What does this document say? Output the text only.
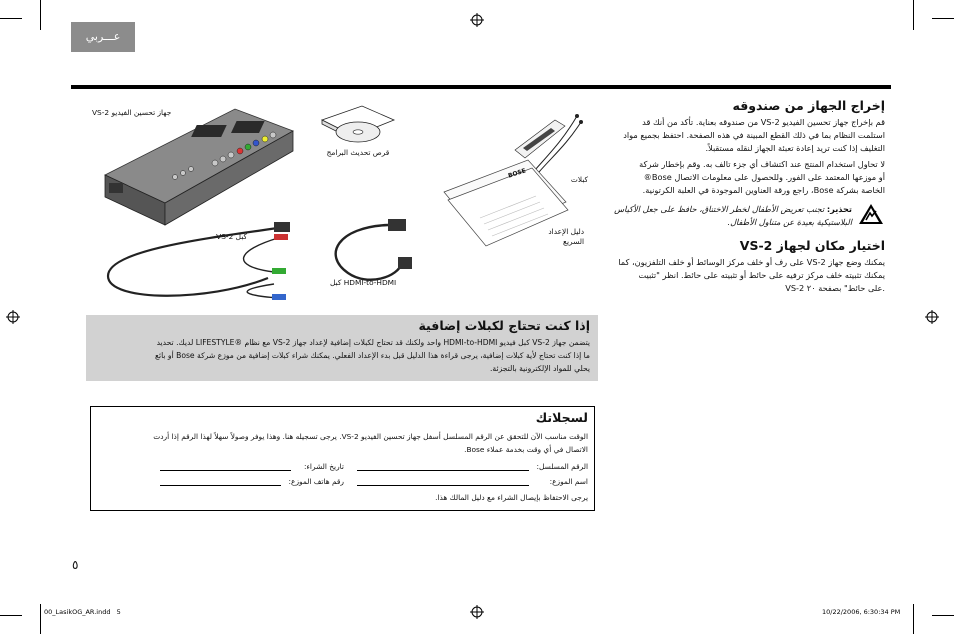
عـــربي
جهاز تحسين الفيديو VS-2
قرص تحديث البرامج
كبلات
BOSE
دليل الإعداد
السريع
كبل VS-2
كبل HDMI-to-HDMI
إخراج الجهاز من صندوقه
قم بإخراج جهاز تحسين الفيديو VS-2 من صندوقه بعناية. تأكد من أنك قد
استلمت النظام بما في ذلك القطع المبينة في هذه الصفحة. احتفظ بجميع مواد
التغليف إذا كنت تريد إعادة تعبئة الجهاز لنقله مستقبلاً.
لا تحاول استخدام المنتج عند اكتشاف أي جزء تالف به. وقم بإخطار شركة
®Bose أو موزعها المعتمد على الفور. وللحصول على معلومات الاتصال
الخاصة بشركة Bose، راجع ورقة العناوين الموجودة في العلبة الكرتونية.
تحذير: تجنب تعريض الأطفال لخطر الاختناق، حافظ على جعل الأكياس
البلاستيكية بعيدة عن متناول الأطفال.
اختيار مكان لجهاز VS-2
يمكنك وضع جهاز VS-2 على رف أو خلف مركز الوسائط أو خلف التلفزيون، كما
يمكنك تثبيته خلف مركز ترفيه على حائط أو تثبيته على حائط. انظر "تثبيت
VS-2 على حائط" بصفحة ٢٠.
إذا كنت تحتاج لكبلات إضافية
يتضمن جهاز VS-2 كبل فيديو HDMI-to-HDMI واحد ولكنك قد تحتاج لكبلات إضافية لإعداد جهاز VS-2 مع نظام ®LIFESTYLE لديك. تحديد
ما إذا كنت تحتاج لأية كبلات إضافية، يرجى قراءة هذا الدليل قبل بدء الإعداد الفعلي. يمكنك شراء كبلات إضافية من موزع شركة Bose أو بائع
يحلي للمواد الإلكترونية بالتجزئة.
لسجلاتك
الوقت مناسب الآن للتحقق عن الرقم المسلسل أسفل جهاز تحسين الفيديو VS-2. يرجى تسجيله هنا. وهذا يوفر وصولاً سهلاً لهذا الرقم إذا أردت
الاتصال في أي وقت بخدمة عملاء Bose.
الرقم المسلسل:
تاريخ الشراء:
اسم الموزع:
رقم هاتف الموزع:
يرجى الاحتفاظ بإيصال الشراء مع دليل المالك هذا.
٥
00_LasikOG_AR.indd   5	10/22/2006, 6:30:34 PM
